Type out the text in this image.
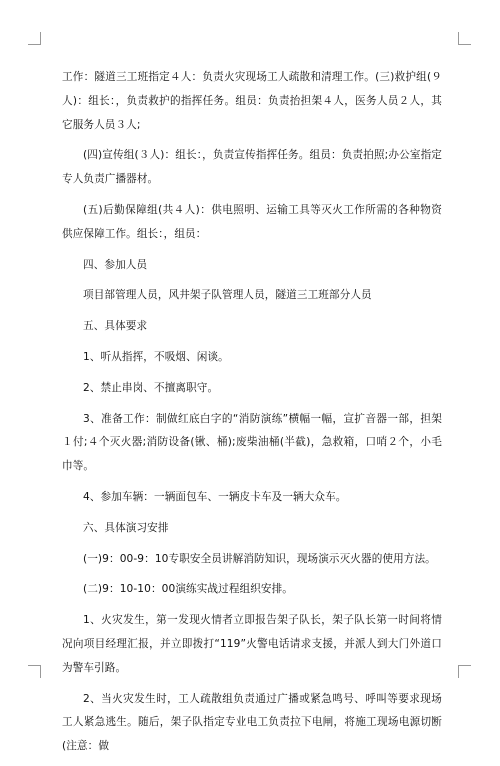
工作：隧道三工班指定４人：负责火灾现场工人疏散和清理工作。(三)救护组(９人)：组长：，负责救护的指挥任务。组员：负责抬担架４人，医务人员２人，其它服务人员３人;

(四)宣传组(３人)：组长：，负责宣传指挥任务。组员：负责拍照;办公室指定专人负责广播器材。

(五)后勤保障组(共４人)：供电照明、运输工具等灭火工作所需的各种物资供应保障工作。组长：，组员：

四、参加人员

项目部管理人员，风井架子队管理人员，隧道三工班部分人员

五、具体要求

1、听从指挥，不吸烟、闲谈。

2、禁止串岗、不擅离职守。

3、准备工作：制做红底白字的“消防演练”横幅一幅，宣扩音器一部，担架１付;４个灭火器;消防设备(锹、桶);废柴油桶(半截)，急救箱，口哨２个，小毛巾等。

4、参加车辆：一辆面包车、一辆皮卡车及一辆大众车。

六、具体演习安排

(一)9：00-9：10专职安全员讲解消防知识，现场演示灭火器的使用方法。

(二)9：10-10：00演练实战过程组织安排。

1、火灾发生，第一发现火情者立即报告架子队长，架子队长第一时间将情况向项目经理汇报，并立即拨打“119”火警电话请求支援，并派人到大门外道口为警车引路。

2、当火灾发生时，工人疏散组负责通过广播或紧急鸣号、呼叫等要求现场工人紧急逃生。随后，架子队指定专业电工负责拉下电闸，将施工现场电源切断(注意：做
